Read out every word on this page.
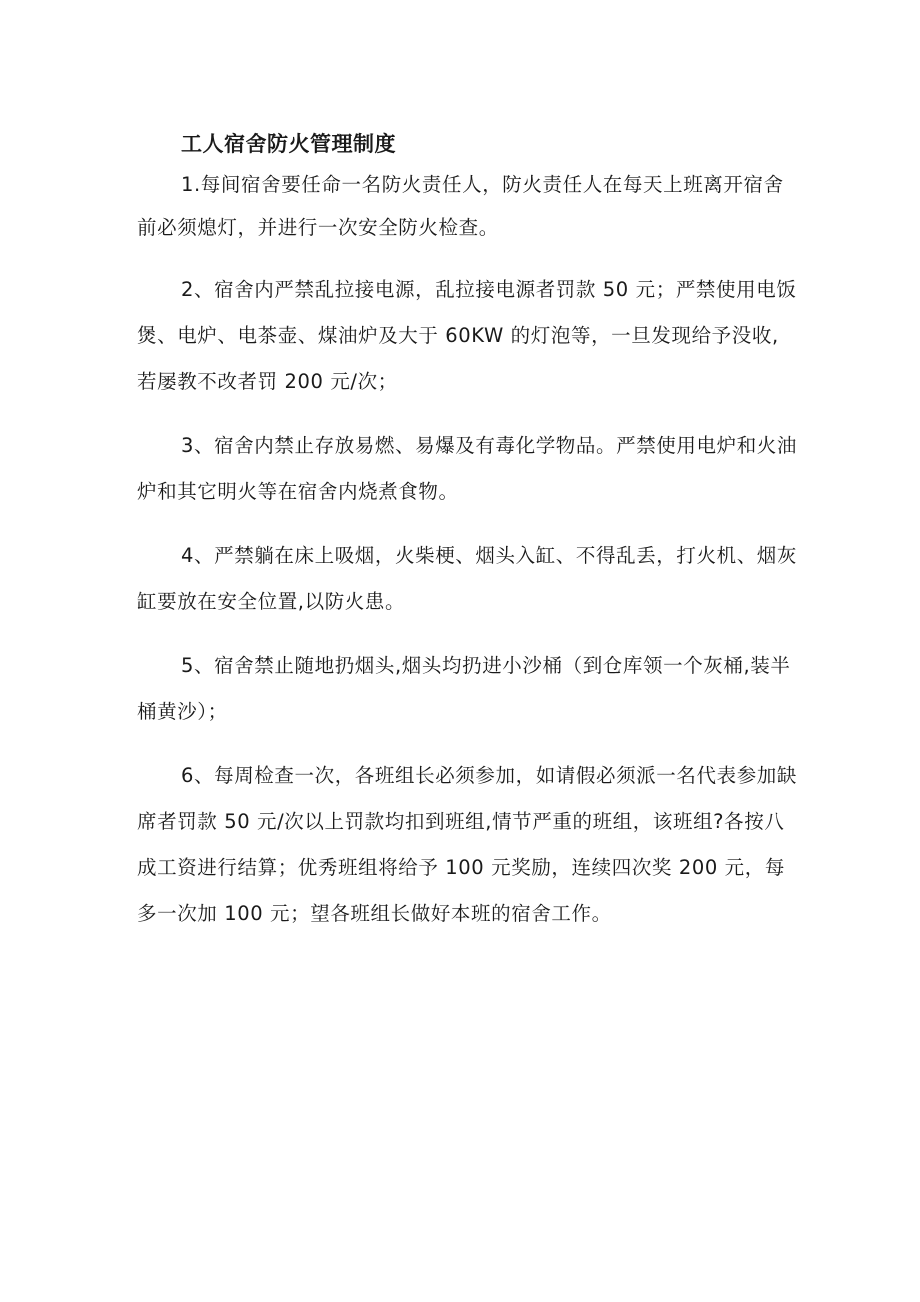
工人宿舍防火管理制度

1.每间宿舍要任命一名防火责任人，防火责任人在每天上班离开宿舍前必须熄灯，并进行一次安全防火检查。

2、宿舍内严禁乱拉接电源，乱拉接电源者罚款 50 元；严禁使用电饭煲、电炉、电茶壶、煤油炉及大于 60KW 的灯泡等，一旦发现给予没收,若屡教不改者罚 200 元/次；

3、宿舍内禁止存放易燃、易爆及有毒化学物品。严禁使用电炉和火油炉和其它明火等在宿舍内烧煮食物。

4、严禁躺在床上吸烟，火柴梗、烟头入缸、不得乱丢，打火机、烟灰缸要放在安全位置,以防火患。

5、宿舍禁止随地扔烟头,烟头均扔进小沙桶（到仓库领一个灰桶,装半桶黄沙）；

6、每周检查一次，各班组长必须参加，如请假必须派一名代表参加缺席者罚款 50 元/次以上罚款均扣到班组,情节严重的班组，该班组?各按八成工资进行结算；优秀班组将给予 100 元奖励，连续四次奖 200 元，每多一次加 100 元；望各班组长做好本班的宿舍工作。
